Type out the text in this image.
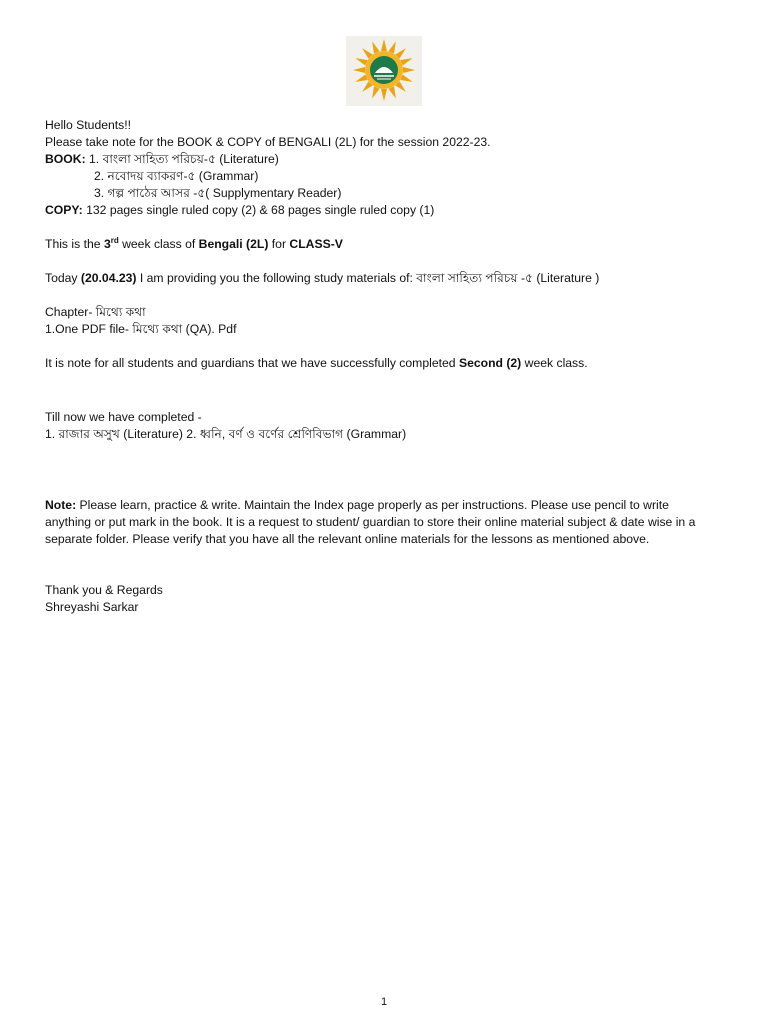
Hello Students!!
Please take note for the BOOK & COPY of BENGALI (2L) for the session 2022-23.
BOOK: 1. বাংলা সাহিত্য পরিচয়-৫ (Literature)
2. নবোদয় ব্যাকরণ-৫ (Grammar)
3. গল্প পাঠের আসর -৫( Supplymentary Reader)
COPY: 132 pages single ruled copy (2) & 68 pages single ruled copy (1)
This is the 3rd week class of Bengali (2L) for CLASS-V
Today (20.04.23) I am providing you the following study materials of: বাংলা সাহিত্য পরিচয় -৫ (Literature )
Chapter- মিথ্যে কথা
1.One PDF file- মিথ্যে কথা (QA). Pdf
It is note for all students and guardians that we have successfully completed Second (2) week class.
Till now we have completed -
1. রাজার অসুখ (Literature) 2. ধ্বনি, বর্ণ ও বর্ণের শ্রেণিবিভাগ (Grammar)
Note: Please learn, practice & write. Maintain the Index page properly as per instructions. Please use pencil to write anything or put mark in the book. It is a request to student/ guardian to store their online material subject & date wise in a separate folder. Please verify that you have all the relevant online materials for the lessons as mentioned above.
Thank you & Regards
Shreyashi Sarkar
1
